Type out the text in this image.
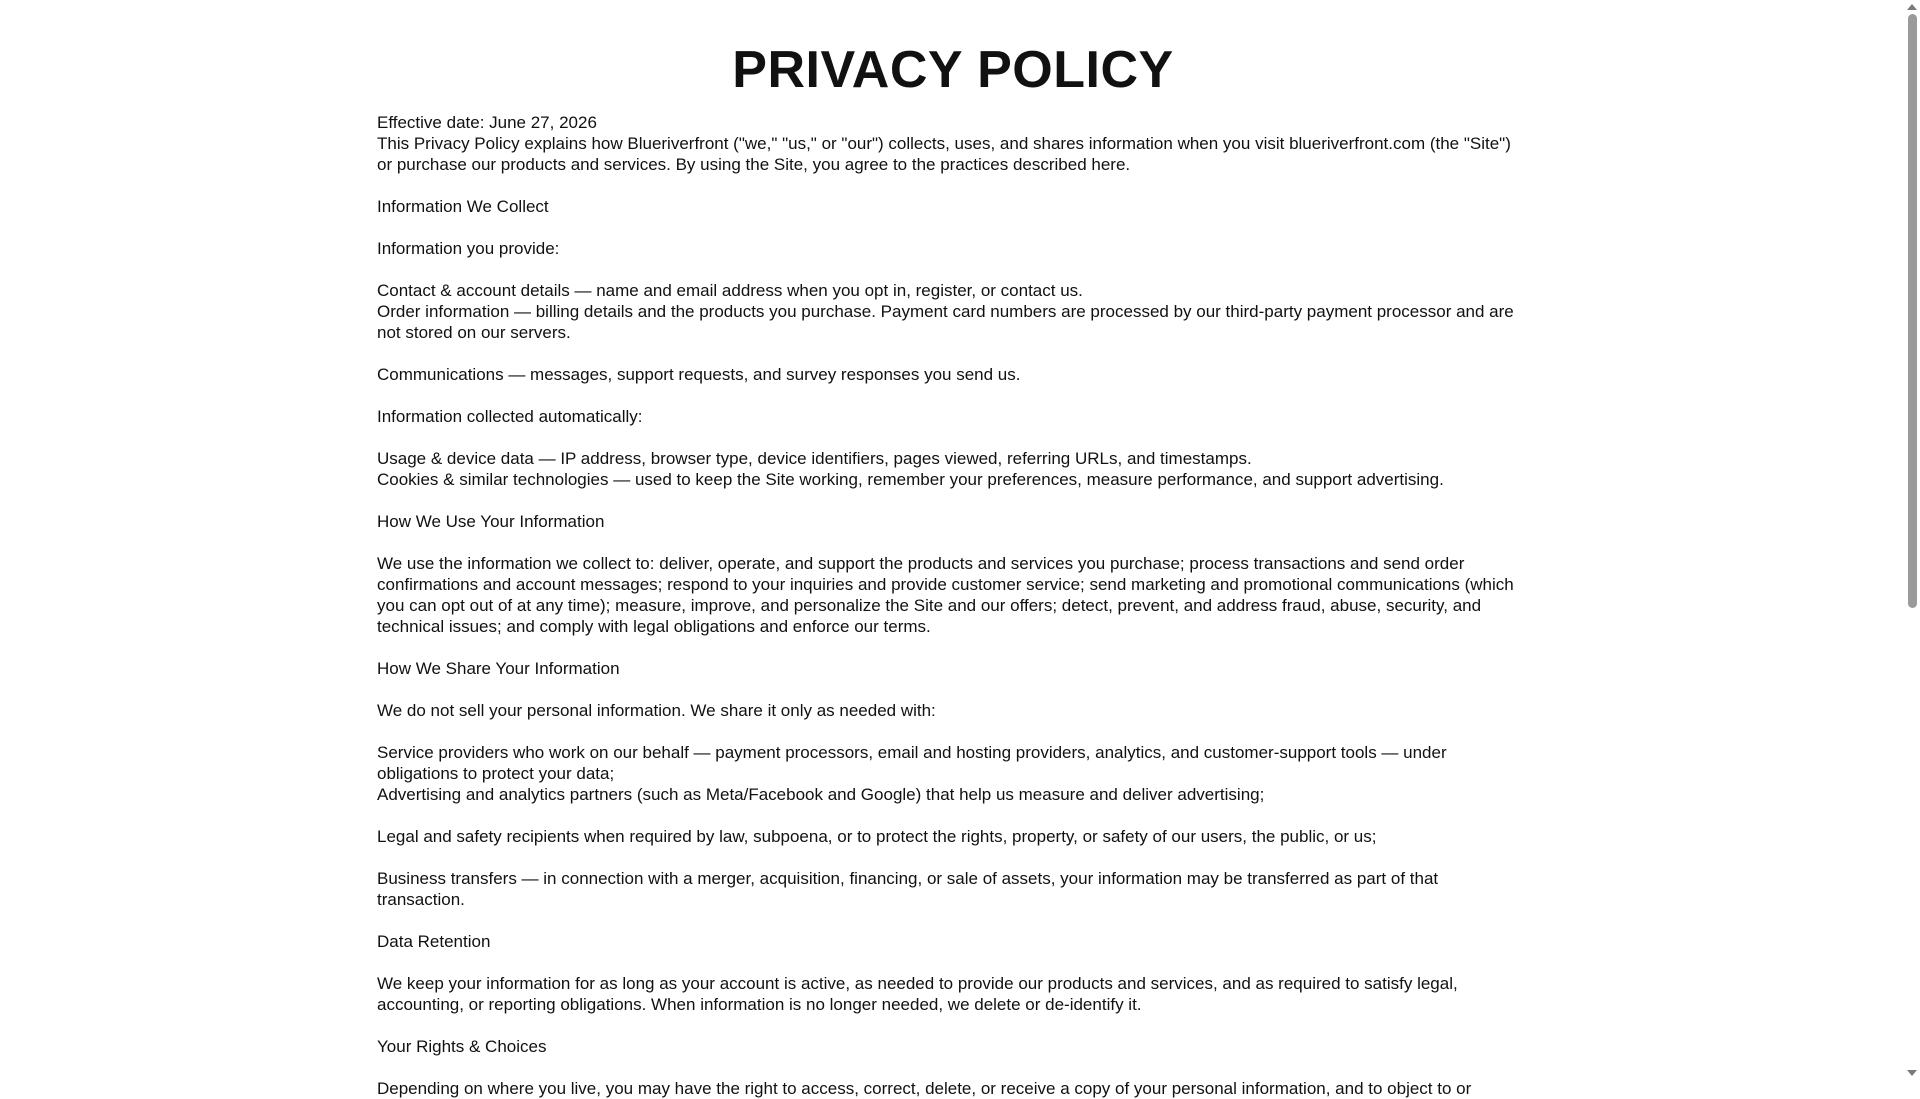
PRIVACY POLICY

Effective date: June 27, 2026

This Privacy Policy explains how Blueriverfront ("we," "us," or "our") collects, uses, and shares information when you visit blueriverfront.com (the "Site") or purchase our products and services. By using the Site, you agree to the practices described here.

Information We Collect

Information you provide:

Contact & account details — name and email address when you opt in, register, or contact us.

Order information — billing details and the products you purchase. Payment card numbers are processed by our third-party payment processor and are not stored on our servers.

Communications — messages, support requests, and survey responses you send us.

Information collected automatically:

Usage & device data — IP address, browser type, device identifiers, pages viewed, referring URLs, and timestamps.

Cookies & similar technologies — used to keep the Site working, remember your preferences, measure performance, and support advertising.

How We Use Your Information

We use the information we collect to: deliver, operate, and support the products and services you purchase; process transactions and send order confirmations and account messages; respond to your inquiries and provide customer service; send marketing and promotional communications (which you can opt out of at any time); measure, improve, and personalize the Site and our offers; detect, prevent, and address fraud, abuse, security, and technical issues; and comply with legal obligations and enforce our terms.

How We Share Your Information

We do not sell your personal information. We share it only as needed with:

Service providers who work on our behalf — payment processors, email and hosting providers, analytics, and customer-support tools — under obligations to protect your data;

Advertising and analytics partners (such as Meta/Facebook and Google) that help us measure and deliver advertising;

Legal and safety recipients when required by law, subpoena, or to protect the rights, property, or safety of our users, the public, or us;

Business transfers — in connection with a merger, acquisition, financing, or sale of assets, your information may be transferred as part of that transaction.

Data Retention

We keep your information for as long as your account is active, as needed to provide our products and services, and as required to satisfy legal, accounting, or reporting obligations. When information is no longer needed, we delete or de-identify it.

Your Rights & Choices

Depending on where you live, you may have the right to access, correct, delete, or receive a copy of your personal information, and to object to or
